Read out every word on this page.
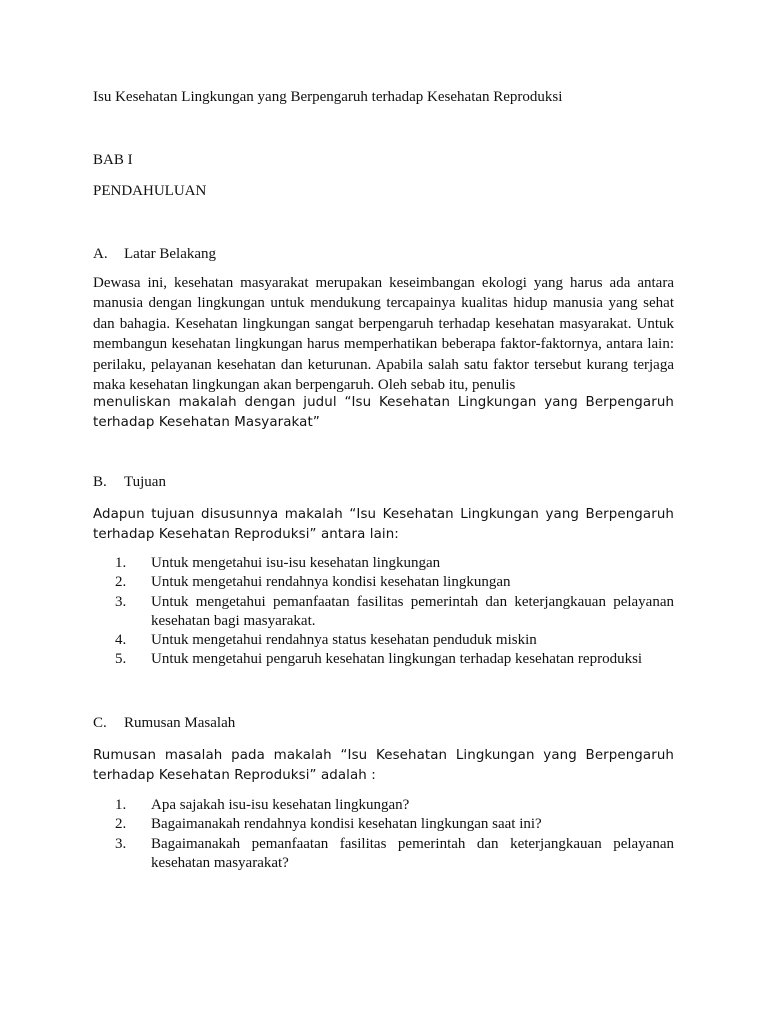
Isu Kesehatan Lingkungan yang Berpengaruh terhadap Kesehatan Reproduksi

BAB I

PENDAHULUAN

A. Latar Belakang

Dewasa ini, kesehatan masyarakat merupakan keseimbangan ekologi yang harus ada antara manusia dengan lingkungan untuk mendukung tercapainya kualitas hidup manusia yang sehat dan bahagia. Kesehatan lingkungan sangat berpengaruh terhadap kesehatan masyarakat. Untuk membangun kesehatan lingkungan harus memperhatikan beberapa faktor-faktornya, antara lain: perilaku, pelayanan kesehatan dan keturunan. Apabila salah satu faktor tersebut kurang terjaga maka kesehatan lingkungan akan berpengaruh. Oleh sebab itu, penulis

menuliskan makalah dengan judul “Isu Kesehatan Lingkungan yang Berpengaruh terhadap Kesehatan Masyarakat”

B. Tujuan

Adapun tujuan disusunnya makalah “Isu Kesehatan Lingkungan yang Berpengaruh terhadap Kesehatan Reproduksi” antara lain:

1. Untuk mengetahui isu-isu kesehatan lingkungan
2. Untuk mengetahui rendahnya kondisi kesehatan lingkungan
3. Untuk mengetahui pemanfaatan fasilitas pemerintah dan keterjangkauan pelayanan kesehatan bagi masyarakat.
4. Untuk mengetahui rendahnya status kesehatan penduduk miskin
5. Untuk mengetahui pengaruh kesehatan lingkungan terhadap kesehatan reproduksi

C. Rumusan Masalah

Rumusan masalah pada makalah “Isu Kesehatan Lingkungan yang Berpengaruh terhadap Kesehatan Reproduksi” adalah :

1. Apa sajakah isu-isu kesehatan lingkungan?
2. Bagaimanakah rendahnya kondisi kesehatan lingkungan saat ini?
3. Bagaimanakah pemanfaatan fasilitas pemerintah dan keterjangkauan pelayanan kesehatan masyarakat?
